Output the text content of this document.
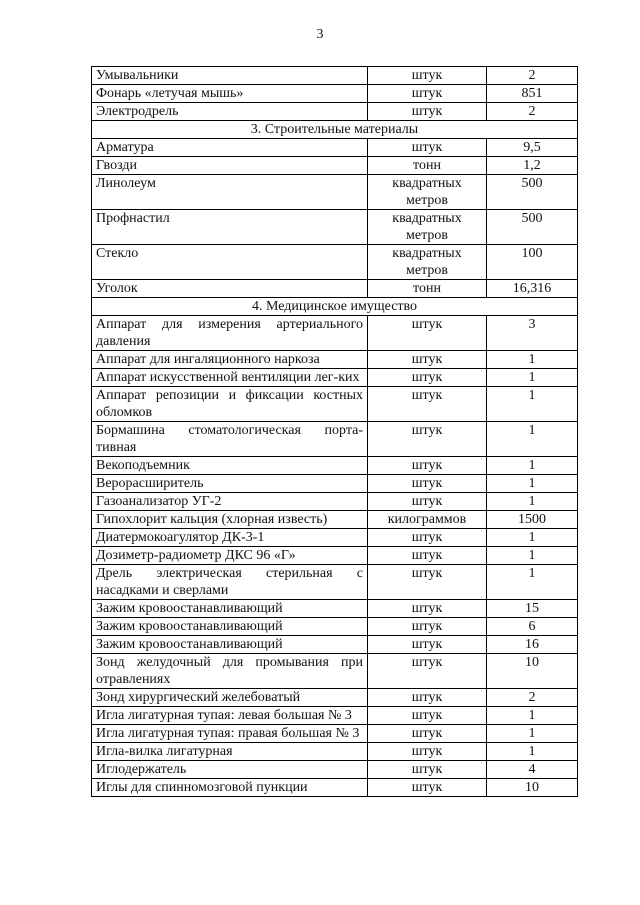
3
Умывальники	штук	2
Фонарь «летучая мышь»	штук	851
Электродрель	штук	2
3. Строительные материалы		
Арматура	штук	9,5
Гвозди	тонн	1,2
Линолеум	квадратных метров	500
Профнастил	квадратных метров	500
Стекло	квадратных метров	100
Уголок	тонн	16,316
4. Медицинское имущество		
Аппарат для измерения артериального давления	штук	3
Аппарат для ингаляционного наркоза	штук	1
Аппарат искусственной вентиляции лег-ких	штук	1
Аппарат репозиции и фиксации костных обломков	штук	1
Бормашина стоматологическая порта-тивная	штук	1
Векоподъемник	штук	1
Верорасширитель	штук	1
Газоанализатор УГ-2	штук	1
Гипохлорит кальция (хлорная известь)	килограммов	1500
Диатермокоагулятор ДК-3-1	штук	1
Дозиметр-радиометр ДКС 96 «Г»	штук	1
Дрель электрическая стерильная с насадками и сверлами	штук	1
Зажим кровоостанавливающий	штук	15
Зажим кровоостанавливающий	штук	6
Зажим кровоостанавливающий	штук	16
Зонд желудочный для промывания при отравлениях	штук	10
Зонд хирургический желебоватый	штук	2
Игла лигатурная тупая: левая большая № 3	штук	1
Игла лигатурная тупая: правая большая № 3	штук	1
Игла-вилка лигатурная	штук	1
Иглодержатель	штук	4
Иглы для спинномозговой пункции	штук	10
